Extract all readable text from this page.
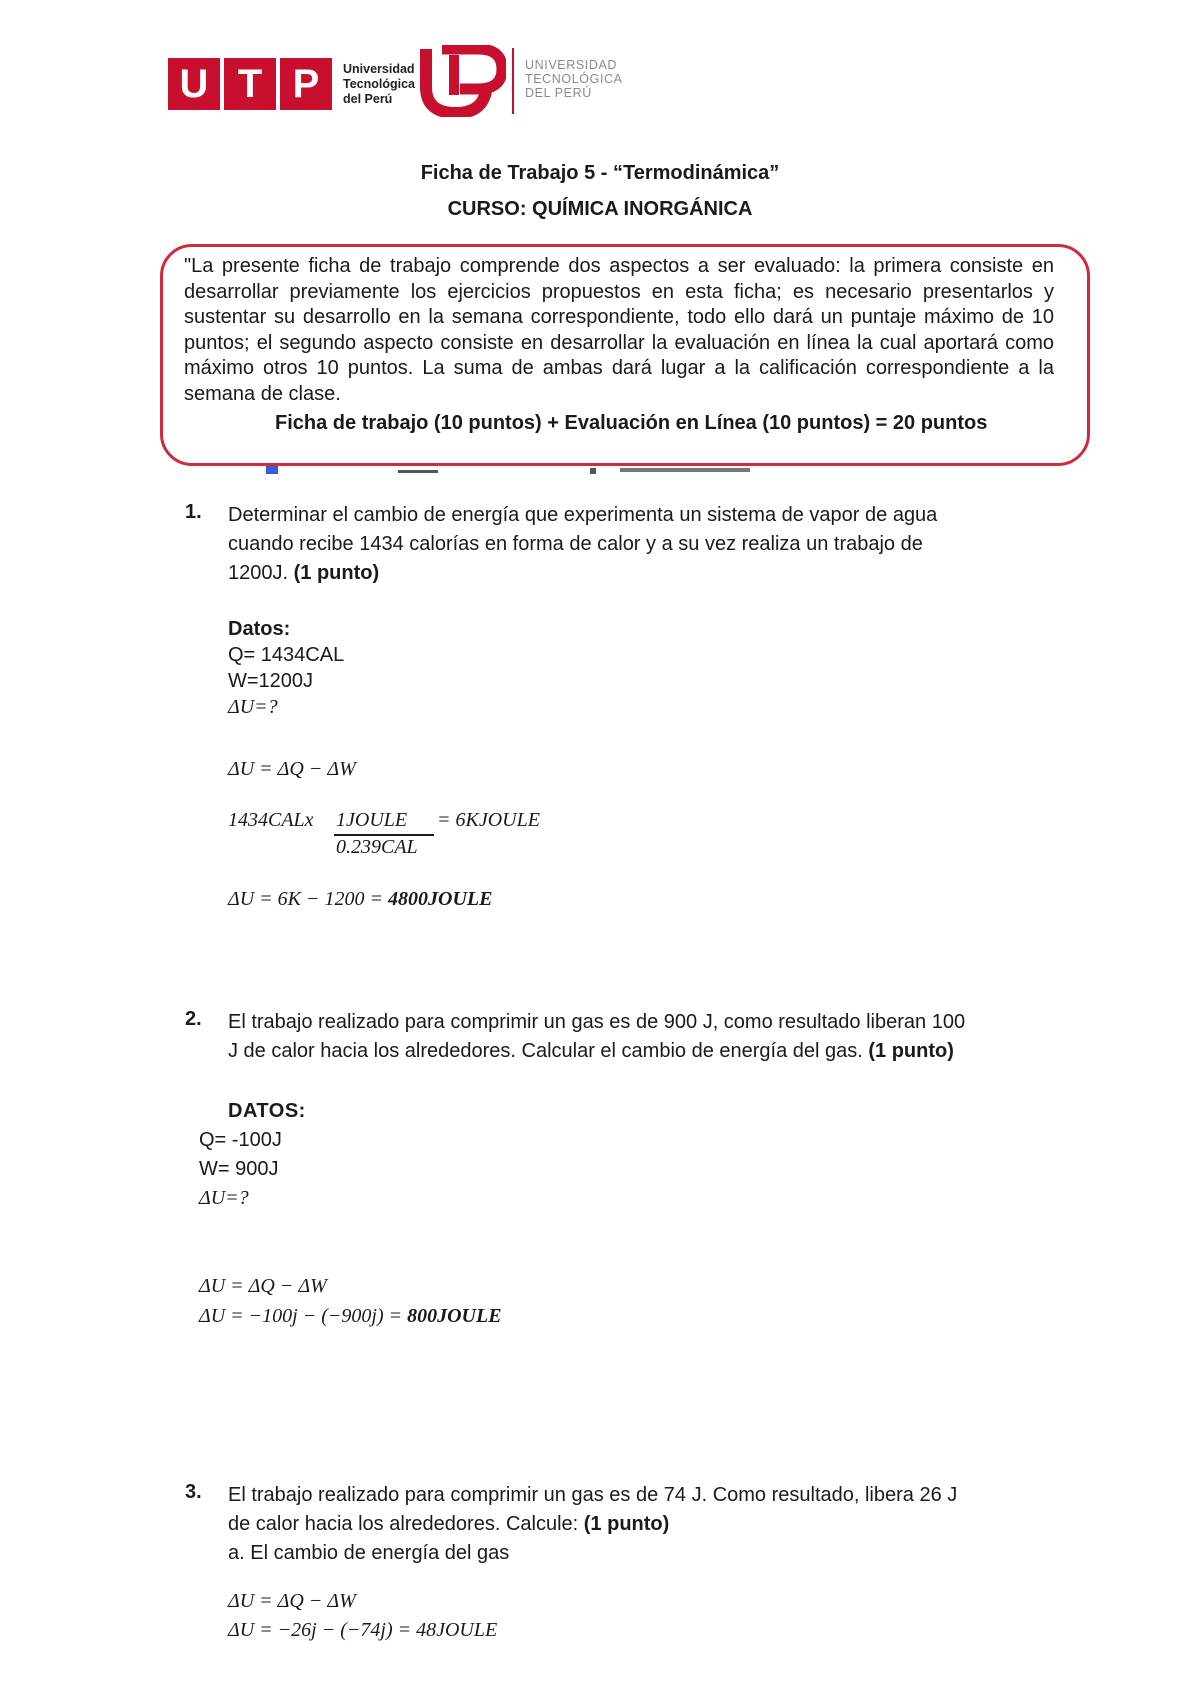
U T P	Universidad
Tecnológica
del Perú
UNIVERSIDAD
TECNOLÓGICA
DEL PERÚ
Ficha de Trabajo 5 - “Termodinámica”
CURSO: QUÍMICA INORGÁNICA
"La presente ficha de trabajo comprende dos aspectos a ser evaluado: la primera consiste en desarrollar previamente los ejercicios propuestos en esta ficha; es necesario presentarlos y sustentar su desarrollo en la semana correspondiente, todo ello dará un puntaje máximo de 10 puntos; el segundo aspecto consiste en desarrollar la evaluación en línea la cual aportará como máximo otros 10 puntos. La suma de ambas dará lugar a la calificación correspondiente a la semana de clase.
Ficha de trabajo (10 puntos) + Evaluación en Línea (10 puntos) = 20 puntos
1. Determinar el cambio de energía que experimenta un sistema de vapor de agua
cuando recibe 1434 calorías en forma de calor y a su vez realiza un trabajo de
1200J. (1 punto)
Datos:
Q= 1434CAL
W=1200J
ΔU=?
ΔU = ΔQ − ΔW
1434CALx 1JOULE = 6KJOULE
0.239CAL
ΔU = 6K − 1200 = 4800JOULE
2. El trabajo realizado para comprimir un gas es de 900 J, como resultado liberan 100
J de calor hacia los alrededores. Calcular el cambio de energía del gas. (1 punto)
DATOS:
Q= -100J
W= 900J
ΔU=?
ΔU = ΔQ − ΔW
ΔU = −100j − (−900j) = 800JOULE
3. El trabajo realizado para comprimir un gas es de 74 J. Como resultado, libera 26 J
de calor hacia los alrededores. Calcule: (1 punto)
a. El cambio de energía del gas
ΔU = ΔQ − ΔW
ΔU = −26j − (−74j) = 48JOULE
